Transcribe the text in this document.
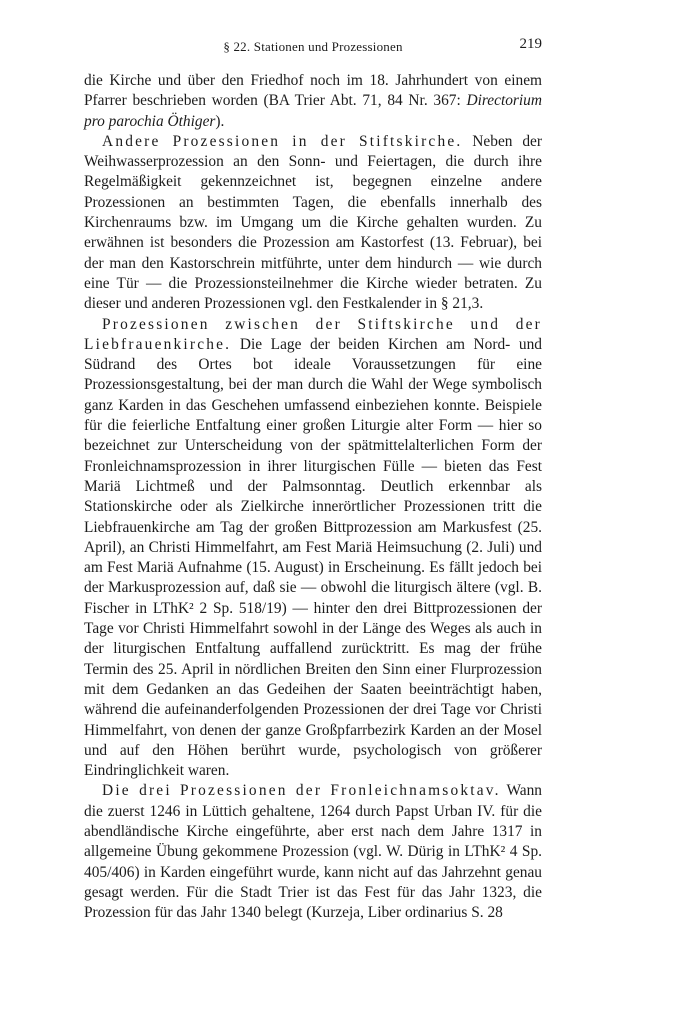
§ 22. Stationen und Prozessionen	219

die Kirche und über den Friedhof noch im 18. Jahrhundert von einem Pfarrer beschrieben worden (BA Trier Abt. 71, 84 Nr. 367: Directorium pro parochia Öthiger).

Andere Prozessionen in der Stiftskirche. Neben der Weihwasserprozession an den Sonn- und Feiertagen, die durch ihre Regelmäßigkeit gekennzeichnet ist, begegnen einzelne andere Prozessionen an bestimmten Tagen, die ebenfalls innerhalb des Kirchenraums bzw. im Umgang um die Kirche gehalten wurden. Zu erwähnen ist besonders die Prozession am Kastorfest (13. Februar), bei der man den Kastorschrein mitführte, unter dem hindurch — wie durch eine Tür — die Prozessionsteilnehmer die Kirche wieder betraten. Zu dieser und anderen Prozessionen vgl. den Festkalender in § 21,3.

Prozessionen zwischen der Stiftskirche und der Liebfrauenkirche. Die Lage der beiden Kirchen am Nord- und Südrand des Ortes bot ideale Voraussetzungen für eine Prozessionsgestaltung, bei der man durch die Wahl der Wege symbolisch ganz Karden in das Geschehen umfassend einbeziehen konnte. Beispiele für die feierliche Entfaltung einer großen Liturgie alter Form — hier so bezeichnet zur Unterscheidung von der spätmittelalterlichen Form der Fronleichnamsprozession in ihrer liturgischen Fülle — bieten das Fest Mariä Lichtmeß und der Palmsonntag. Deutlich erkennbar als Stationskirche oder als Zielkirche innerörtlicher Prozessionen tritt die Liebfrauenkirche am Tag der großen Bittprozession am Markusfest (25. April), an Christi Himmelfahrt, am Fest Mariä Heimsuchung (2. Juli) und am Fest Mariä Aufnahme (15. August) in Erscheinung. Es fällt jedoch bei der Markusprozession auf, daß sie — obwohl die liturgisch ältere (vgl. B. Fischer in LThK² 2 Sp. 518/19) — hinter den drei Bittprozessionen der Tage vor Christi Himmelfahrt sowohl in der Länge des Weges als auch in der liturgischen Entfaltung auffallend zurücktritt. Es mag der frühe Termin des 25. April in nördlichen Breiten den Sinn einer Flurprozession mit dem Gedanken an das Gedeihen der Saaten beeinträchtigt haben, während die aufeinanderfolgenden Prozessionen der drei Tage vor Christi Himmelfahrt, von denen der ganze Großpfarrbezirk Karden an der Mosel und auf den Höhen berührt wurde, psychologisch von größerer Eindringlichkeit waren.

Die drei Prozessionen der Fronleichnamsoktav. Wann die zuerst 1246 in Lüttich gehaltene, 1264 durch Papst Urban IV. für die abendländische Kirche eingeführte, aber erst nach dem Jahre 1317 in allgemeine Übung gekommene Prozession (vgl. W. Dürig in LThK² 4 Sp. 405/406) in Karden eingeführt wurde, kann nicht auf das Jahrzehnt genau gesagt werden. Für die Stadt Trier ist das Fest für das Jahr 1323, die Prozession für das Jahr 1340 belegt (Kurzeja, Liber ordinarius S. 28
